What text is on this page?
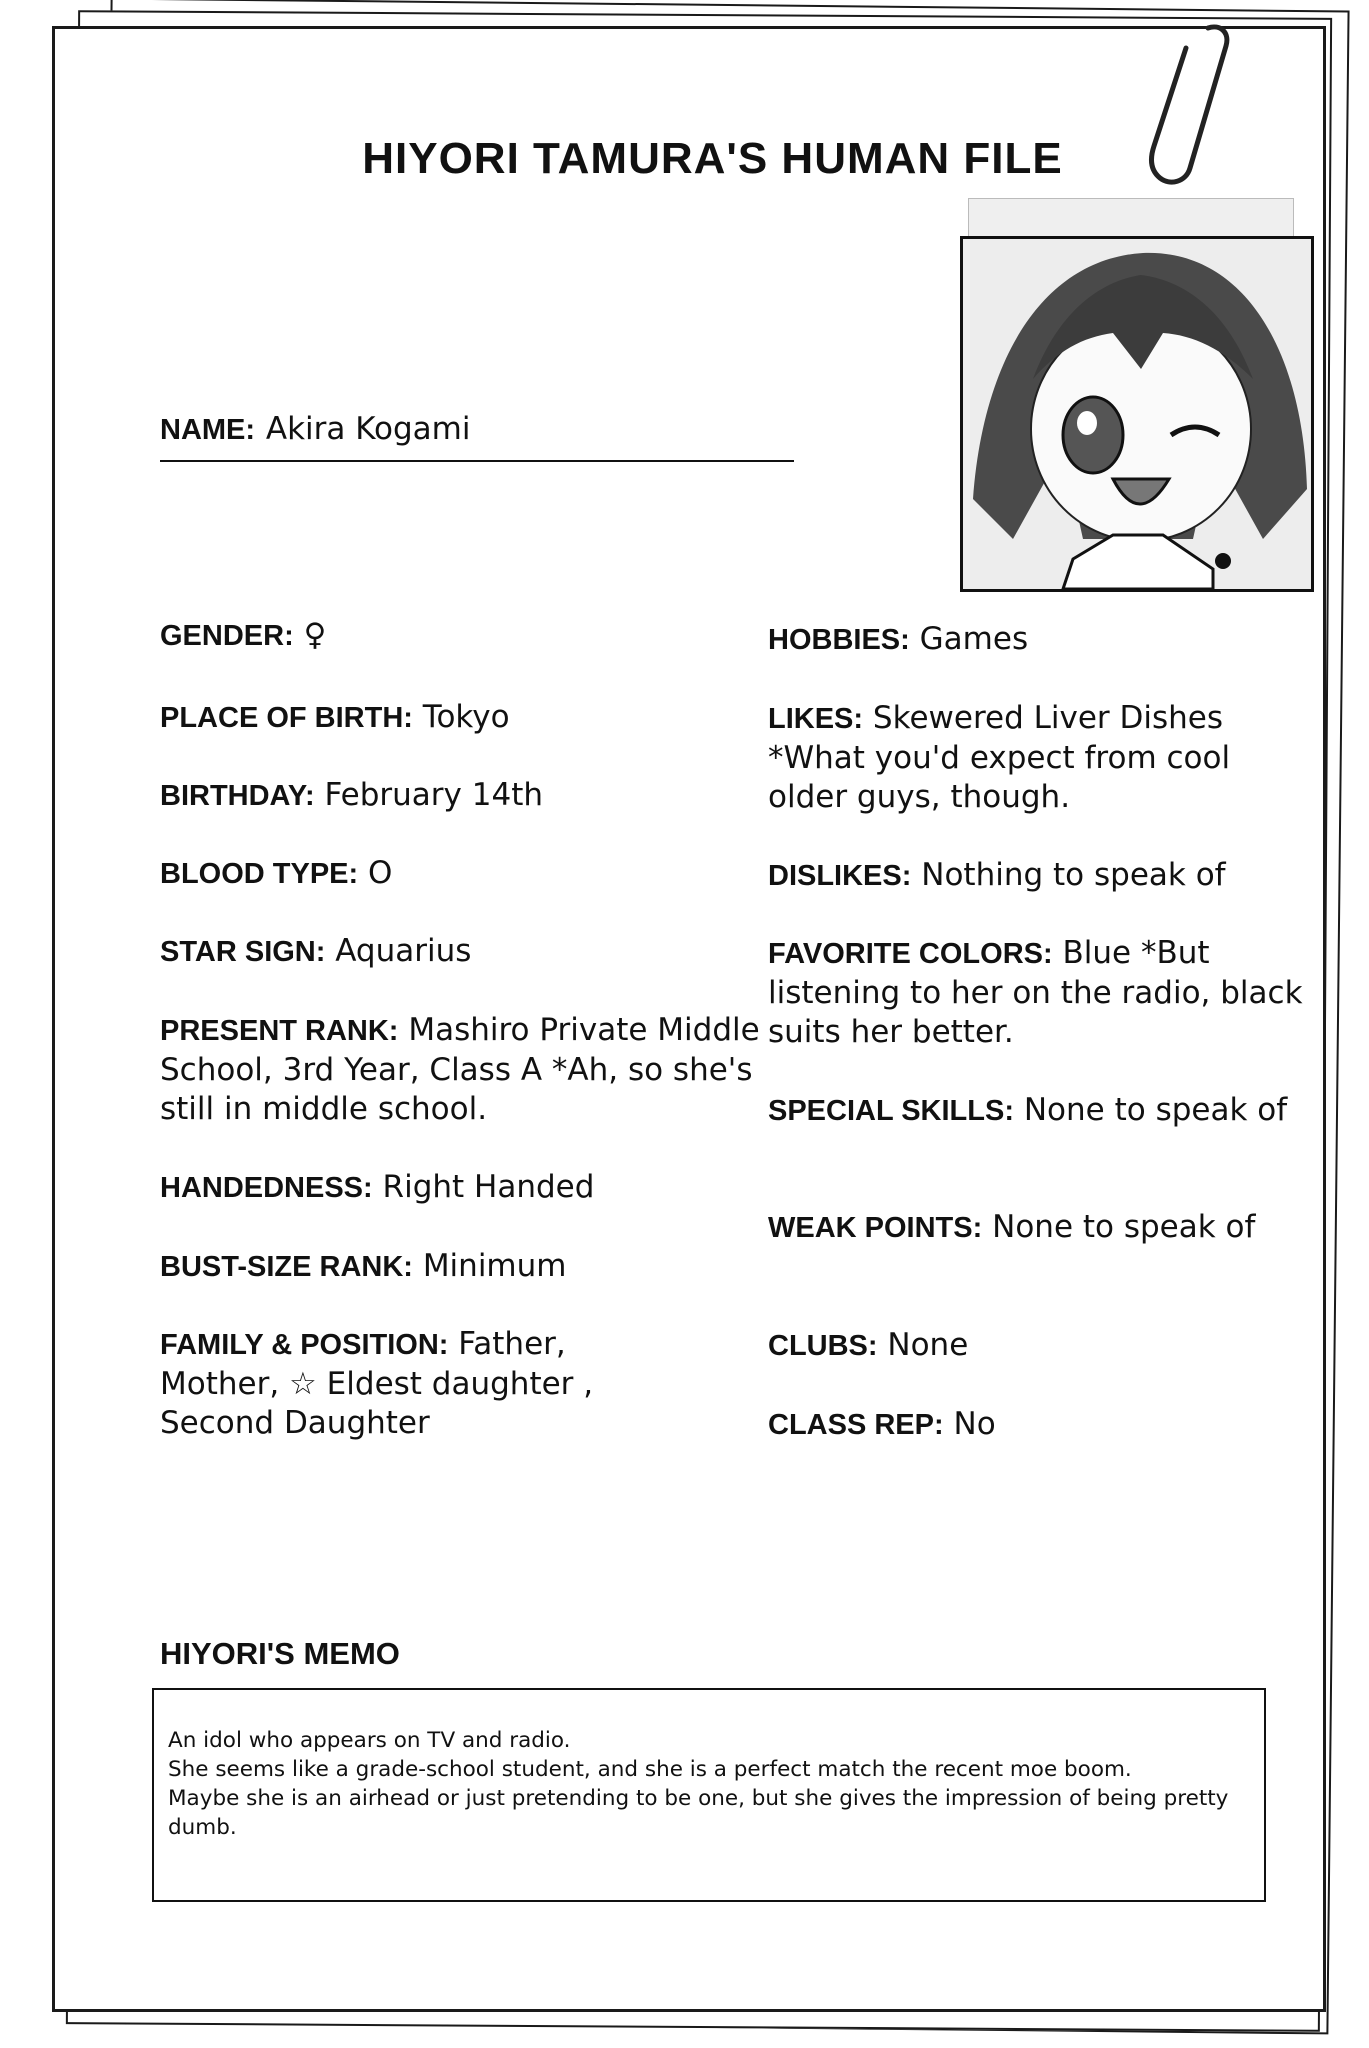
HIYORI TAMURA'S HUMAN FILE
NAME: Akira Kogami
GENDER: ♀
PLACE OF BIRTH: Tokyo
BIRTHDAY: February 14th
BLOOD TYPE: O
STAR SIGN: Aquarius
PRESENT RANK: Mashiro Private Middle School, 3rd Year, Class A *Ah, so she's still in middle school.
HANDEDNESS: Right Handed
BUST-SIZE RANK: Minimum
FAMILY & POSITION: Father, Mother, ☆ Eldest daughter , Second Daughter
HOBBIES: Games
LIKES: Skewered Liver Dishes *What you'd expect from cool older guys, though.
DISLIKES: Nothing to speak of
FAVORITE COLORS: Blue *But listening to her on the radio, black suits her better.
SPECIAL SKILLS: None to speak of
WEAK POINTS: None to speak of
CLUBS: None
CLASS REP: No
HIYORI'S MEMO
An idol who appears on TV and radio.
She seems like a grade-school student, and she is a perfect match the recent moe boom.
Maybe she is an airhead or just pretending to be one, but she gives the impression of being pretty dumb.
